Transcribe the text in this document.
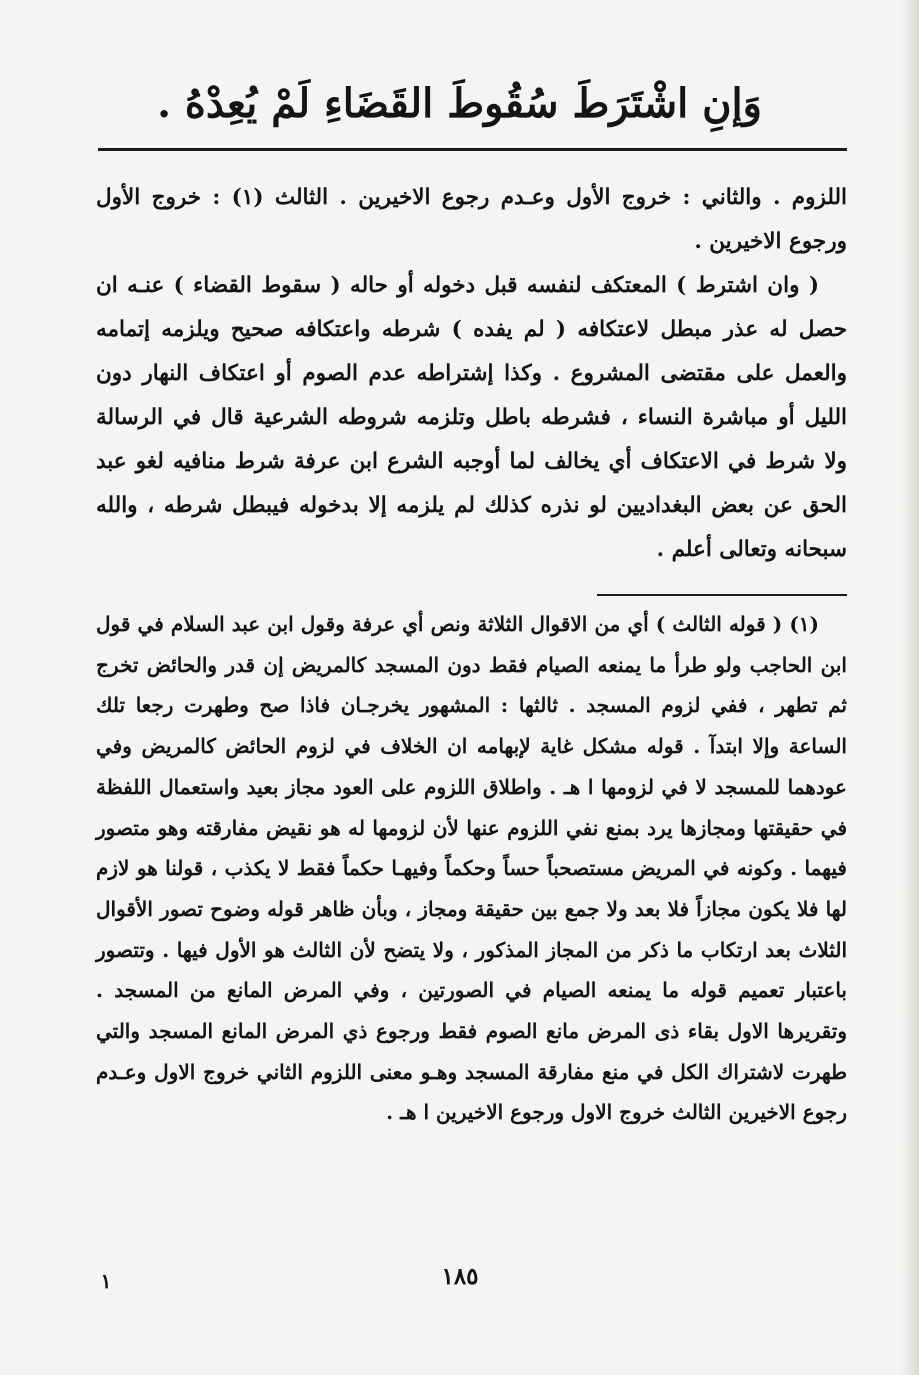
وَإنِ اشْتَرَطَ سُقُوطَ القَضَاءِ لَمْ يُعِدْهُ .

اللزوم . والثاني : خروج الأول وعـدم رجوع الاخيرين . الثالث (١) : خروج الأول ورجوع الاخيرين .

( وان اشترط ) المعتكف لنفسه قبل دخوله أو حاله ( سقوط القضاء ) عنـه ان حصل له عذر مبطل لاعتكافه ( لم يفده ) شرطه واعتكافه صحيح ويلزمه إتمامه والعمل على مقتضى المشروع . وكذا إشتراطه عدم الصوم أو اعتكاف النهار دون الليل أو مباشرة النساء ، فشرطه باطل وتلزمه شروطه الشرعية قال في الرسالة ولا شرط في الاعتكاف أي يخالف لما أوجبه الشرع ابن عرفة شرط منافيه لغو عبد الحق عن بعض البغداديين لو نذره كذلك لم يلزمه إلا بدخوله فيبطل شرطه ، والله سبحانه وتعالى أعلم .

(١) ( قوله الثالث ) أي من الاقوال الثلاثة ونص أي عرفة وقول ابن عبد السلام في قول ابن الحاجب ولو طرأ ما يمنعه الصيام فقط دون المسجد كالمريض إن قدر والحائض تخرج ثم تطهر ، ففي لزوم المسجد . ثالثها : المشهور يخرجـان فاذا صح وطهرت رجعا تلك الساعة وإلا ابتدآ . قوله مشكل غاية لإبهامه ان الخلاف في لزوم الحائض كالمريض وفي عودهما للمسجد لا في لزومها ا هـ . واطلاق اللزوم على العود مجاز بعيد واستعمال اللفظة في حقيقتها ومجازها يرد بمنع نفي اللزوم عنها لأن لزومها له هو نقيض مفارقته وهو متصور فيهما . وكونه في المريض مستصحباً حساً وحكماً وفيهـا حكماً فقط لا يكذب ، قولنا هو لازم لها فلا يكون مجازاً فلا بعد ولا جمع بين حقيقة ومجاز ، وبأن ظاهر قوله وضوح تصور الأقوال الثلاث بعد ارتكاب ما ذكر من المجاز المذكور ، ولا يتضح لأن الثالث هو الأول فيها . وتتصور باعتبار تعميم قوله ما يمنعه الصيام في الصورتين ، وفي المرض المانع من المسجد . وتقريرها الاول بقاء ذى المرض مانع الصوم فقط ورجوع ذي المرض المانع المسجد والتي طهرت لاشتراك الكل في منع مفارقة المسجد وهـو معنى اللزوم الثاني خروج الاول وعـدم رجوع الاخيرين الثالث خروج الاول ورجوع الاخيرين ا هـ .

١٨٥
١
